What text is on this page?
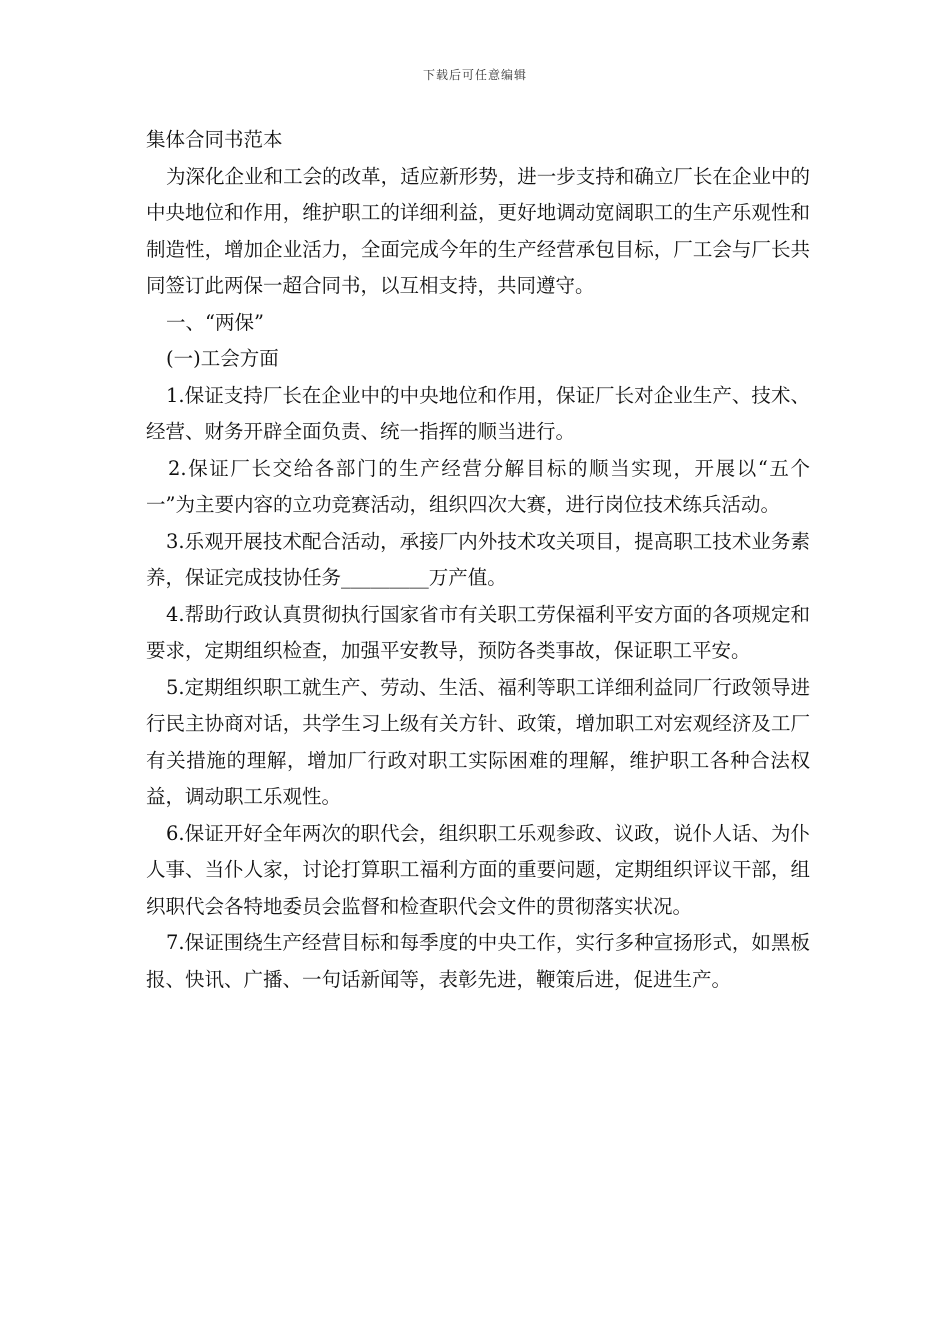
下载后可任意编辑

集体合同书范本

为深化企业和工会的改革，适应新形势，进一步支持和确立厂长在企业中的中央地位和作用，维护职工的详细利益，更好地调动宽阔职工的生产乐观性和制造性，增加企业活力，全面完成今年的生产经营承包目标，厂工会与厂长共同签订此两保一超合同书，以互相支持，共同遵守。

一、“两保”

(一)工会方面

1.保证支持厂长在企业中的中央地位和作用，保证厂长对企业生产、技术、经营、财务开辟全面负责、统一指挥的顺当进行。

2.保证厂长交给各部门的生产经营分解目标的顺当实现，开展以“五个一”为主要内容的立功竞赛活动，组织四次大赛，进行岗位技术练兵活动。

3.乐观开展技术配合活动，承接厂内外技术攻关项目，提高职工技术业务素养，保证完成技协任务_________万产值。

4.帮助行政认真贯彻执行国家省市有关职工劳保福利平安方面的各项规定和要求，定期组织检查，加强平安教导，预防各类事故，保证职工平安。

5.定期组织职工就生产、劳动、生活、福利等职工详细利益同厂行政领导进行民主协商对话，共学生习上级有关方针、政策，增加职工对宏观经济及工厂有关措施的理解，增加厂行政对职工实际困难的理解，维护职工各种合法权益，调动职工乐观性。

6.保证开好全年两次的职代会，组织职工乐观参政、议政，说仆人话、为仆人事、当仆人家，讨论打算职工福利方面的重要问题，定期组织评议干部，组织职代会各特地委员会监督和检查职代会文件的贯彻落实状况。

7.保证围绕生产经营目标和每季度的中央工作，实行多种宣扬形式，如黑板报、快讯、广播、一句话新闻等，表彰先进，鞭策后进，促进生产。
